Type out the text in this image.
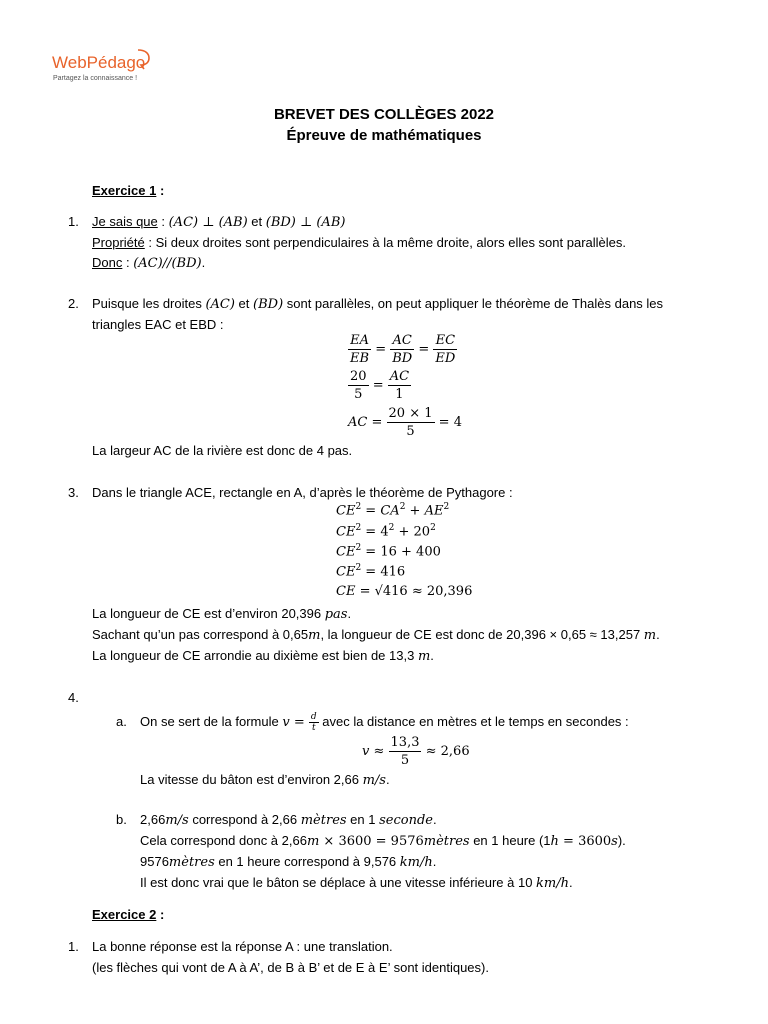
WebPédago
Partagez la connaissance !
BREVET DES COLLÈGES 2022
Épreuve de mathématiques
Exercice 1 :
1. Je sais que : (AC) ⊥ (AB) et (BD) ⊥ (AB)
Propriété : Si deux droites sont perpendiculaires à la même droite, alors elles sont parallèles.
Donc : (AC)//(BD).
2. Puisque les droites (AC) et (BD) sont parallèles, on peut appliquer le théorème de Thalès dans les
triangles EAC et EBD :
$\frac{EA}{EB} = \frac{AC}{BD} = \frac{EC}{ED}$
$\frac{20}{5} = \frac{AC}{1}$
AC = $\frac{20 \times 1}{5} = 4$
La largeur AC de la rivière est donc de 4 pas.
3. Dans le triangle ACE, rectangle en A, d’après le théorème de Pythagore :
$CE^2 = CA^2 + AE^2$
$CE^2 = 4^2 + 20^2$
$CE^2 = 16 + 400$
$CE^2 = 416$
CE = √416 ≈ 20,396
La longueur de CE est d’environ 20,396 pas.
Sachant qu’un pas correspond à 0,65m, la longueur de CE est donc de 20,396 × 0,65 ≈ 13,257 m.
La longueur de CE arrondie au dixième est bien de 13,3 m.
4.
a. On se sert de la formule $v = \frac{d}{t}$ avec la distance en mètres et le temps en secondes :
$v \approx \frac{13,3}{5} \approx 2,66$
La vitesse du bâton est d’environ 2,66 m/s.
b. 2,66m/s correspond à 2,66 mètres en 1 seconde.
Cela correspond donc à 2,66m × 3600 = 9576mètres en 1 heure (1h = 3600s).
9576mètres en 1 heure correspond à 9,576 km/h.
Il est donc vrai que le bâton se déplace à une vitesse inférieure à 10 km/h.
Exercice 2 :
1. La bonne réponse est la réponse A : une translation.
(les flèches qui vont de A à A’, de B à B’ et de E à E’ sont identiques).
